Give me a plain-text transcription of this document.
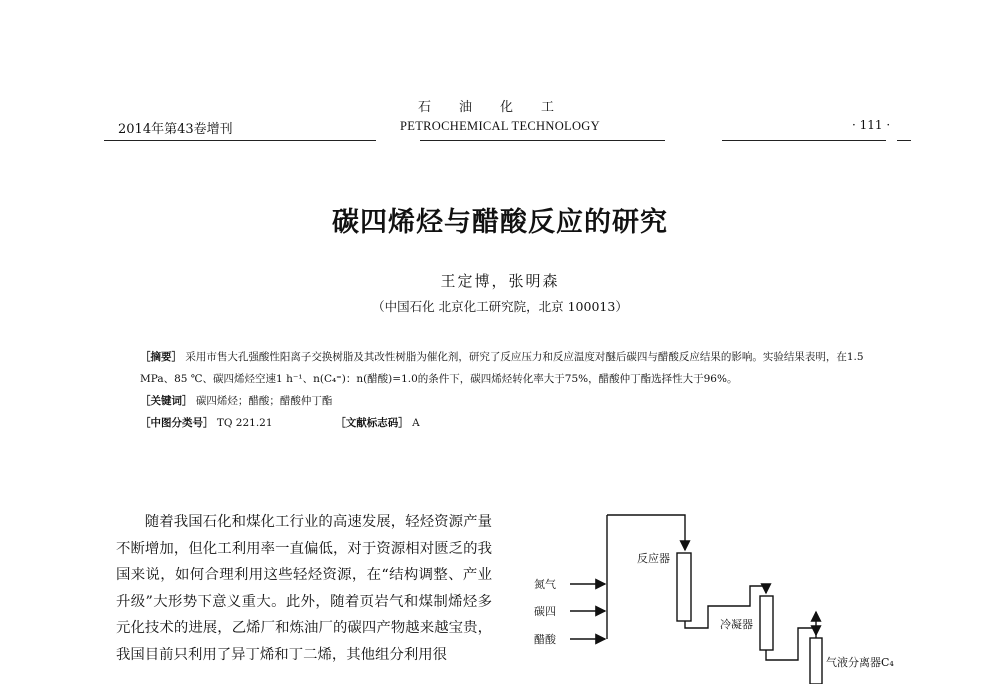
石油化工
2014年第43卷增刊	PETROCHEMICAL TECHNOLOGY	· 111 ·
碳四烯烃与醋酸反应的研究
王定博，张明森
（中国石化 北京化工研究院，北京 100013）
［摘要］ 采用市售大孔强酸性阳离子交换树脂及其改性树脂为催化剂，研究了反应压力和反应温度对醚后碳四与醋酸反应结果的影响。实验结果表明，在1.5 MPa、85 ℃、碳四烯烃空速1 h⁻¹、n(C₄⁼)：n(醋酸)=1.0的条件下，碳四烯烃转化率大于75%，醋酸仲丁酯选择性大于96%。
［关键词］ 碳四烯烃；醋酸；醋酸仲丁酯
［中图分类号］ TQ 221.21	［文献标志码］ A

随着我国石化和煤化工行业的高速发展，轻烃资源产量不断增加，但化工利用率一直偏低，对于资源相对匮乏的我国来说，如何合理利用这些轻烃资源，在“结构调整、产业升级”大形势下意义重大。此外，随着页岩气和煤制烯烃多元化技术的进展，乙烯厂和炼油厂的碳四产物越来越宝贵，我国目前只利用了异丁烯和丁二烯，其他组分利用很

反应器
冷凝器
气液分离器C₄
氮气
碳四
醋酸
